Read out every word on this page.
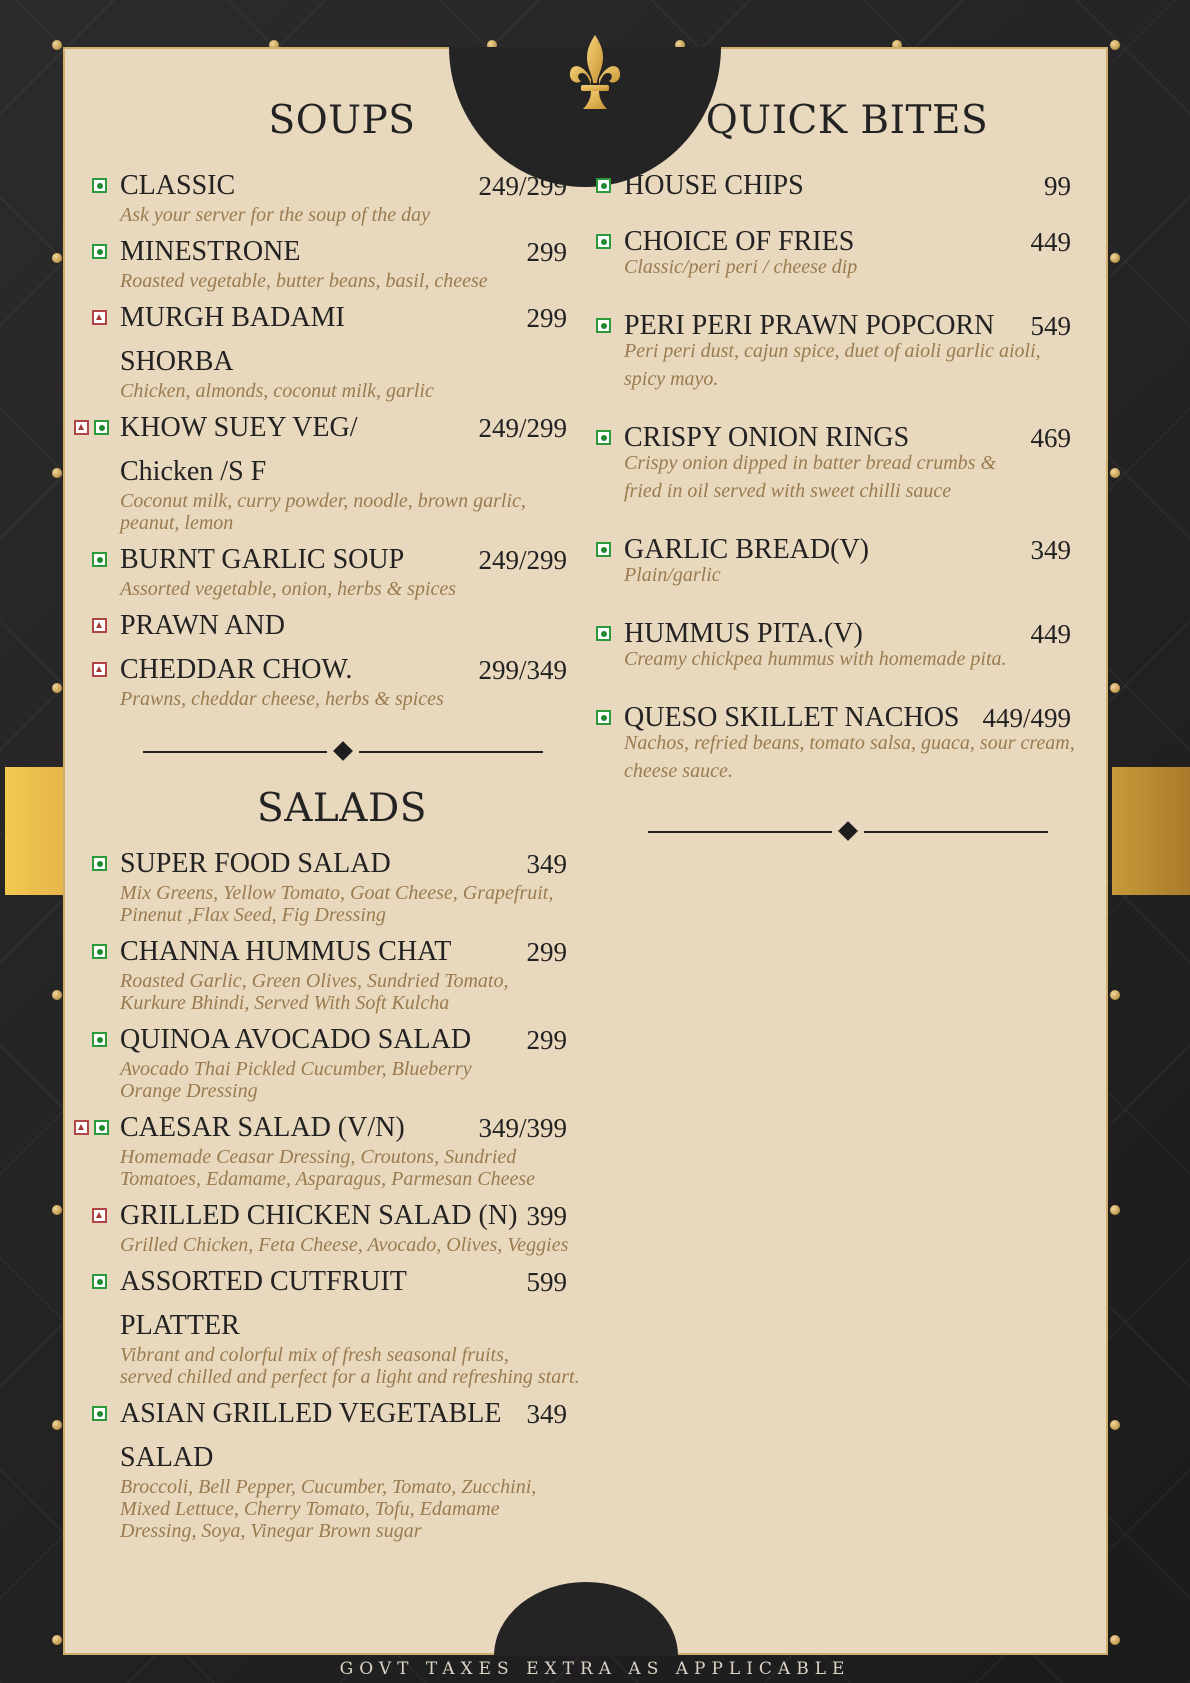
SOUPS
CLASSIC	249/299
Ask your server for the soup of the day
MINESTRONE	299
Roasted vegetable, butter beans, basil, cheese
MURGH BADAMI
SHORBA
299
Chicken, almonds, coconut milk, garlic
KHOW SUEY VEG/
Chicken /S F
249/299
Coconut milk, curry powder, noodle, brown garlic,
peanut, lemon
BURNT GARLIC SOUP	249/299
Assorted vegetable, onion, herbs & spices
PRAWN AND
CHEDDAR CHOW.	299/349
Prawns, cheddar cheese, herbs & spices
SALADS
SUPER FOOD SALAD	349
Mix Greens, Yellow Tomato, Goat Cheese, Grapefruit,
Pinenut ,Flax Seed, Fig Dressing
CHANNA HUMMUS CHAT	299
Roasted Garlic, Green Olives, Sundried Tomato,
Kurkure Bhindi, Served With Soft Kulcha
QUINOA AVOCADO SALAD 299
Avocado Thai Pickled Cucumber, Blueberry
Orange Dressing
CAESAR SALAD (V/N)	349/399
Homemade Ceasar Dressing, Croutons, Sundried
Tomatoes, Edamame, Asparagus, Parmesan Cheese
GRILLED CHICKEN SALAD (N) 399
Grilled Chicken, Feta Cheese, Avocado, Olives, Veggies
ASSORTED CUTFRUIT
PLATTER
599
Vibrant and colorful mix of fresh seasonal fruits,
served chilled and perfect for a light and refreshing start.
ASIAN GRILLED VEGETABLE
SALAD
349
Broccoli, Bell Pepper, Cucumber, Tomato, Zucchini,
Mixed Lettuce, Cherry Tomato, Tofu, Edamame
Dressing, Soya, Vinegar Brown sugar
QUICK BITES
HOUSE CHIPS	99
CHOICE OF FRIES	449
Classic/peri peri / cheese dip
PERI PERI PRAWN POPCORN 549
Peri peri dust, cajun spice, duet of aioli garlic aioli,
spicy mayo.
CRISPY ONION RINGS	469
Crispy onion dipped in batter bread crumbs &
fried in oil served with sweet chilli sauce
GARLIC BREAD(V)	349
Plain/garlic
HUMMUS PITA.(V)	449
Creamy chickpea hummus with homemade pita.
QUESO SKILLET NACHOS 449/499
Nachos, refried beans, tomato salsa, guaca, sour cream,
cheese sauce.
GOVT TAXES EXTRA AS APPLICABLE
